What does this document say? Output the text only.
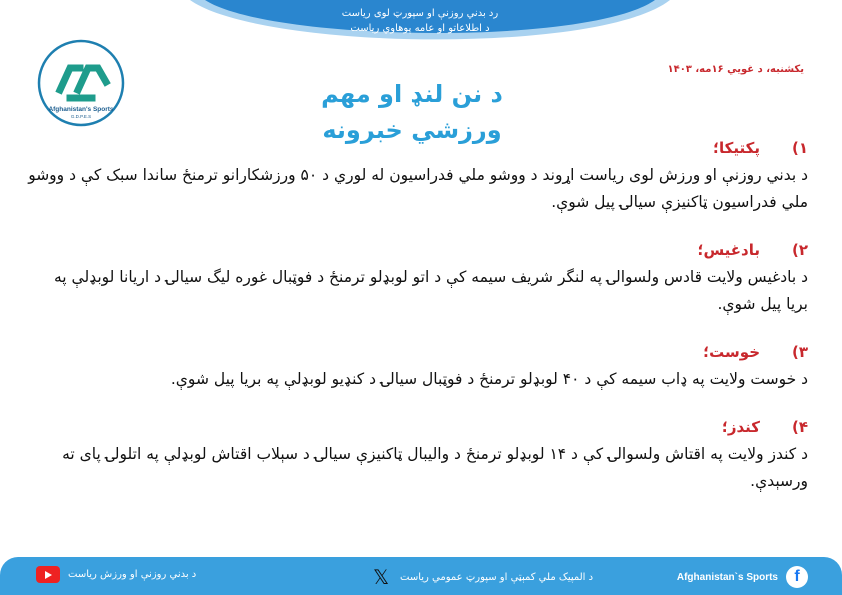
رد بدني روزنې او سپورټ لوی ریاست
د اطلاعاتو او عامه پوهاوي ریاست
Afghanistan's Sports
G.D.P.E.S
یکشنبه، د غویي ۱۶مه، ۱۴۰۳
د نن لنډ او مهم
ورزشي خبرونه
۱)
پکتیکا؛
د بدني روزنې او ورزش لوی ریاست اړوند د ووشو ملي فدراسیون له لوري د ۵۰ ورزشکارانو ترمنځ ساندا سبک کې د ووشو ملي فدراسیون ټاکنیزې سیالۍ پیل شوې.
۲)
بادغیس؛
د بادغیس ولایت قادس ولسوالۍ په لنگر شریف سیمه کې د اتو لوبډلو ترمنځ د فوټبال غوره لیگ سیالۍ د اریانا لوبډلې په بریا پیل شوې.
۳)
خوست؛
د خوست ولایت په ډاب سیمه کې د ۴۰ لوبډلو ترمنځ د فوټبال سیالۍ د کنډیو لوبډلې په بریا پیل شوې.
۴)
کندز؛
د کندز ولایت په اقتاش ولسوالۍ کې د ۱۴ لوبډلو ترمنځ د والیبال ټاکنیزې سیالۍ د سېلاب اقتاش لوبډلې په اتلولۍ پای ته ورسېدې.
د بدني روزنې او ورزش ریاست	𝕏 د المپیک ملي کمېټې او سپورټ عمومي ریاست	Afghanistan`s Sports	f
